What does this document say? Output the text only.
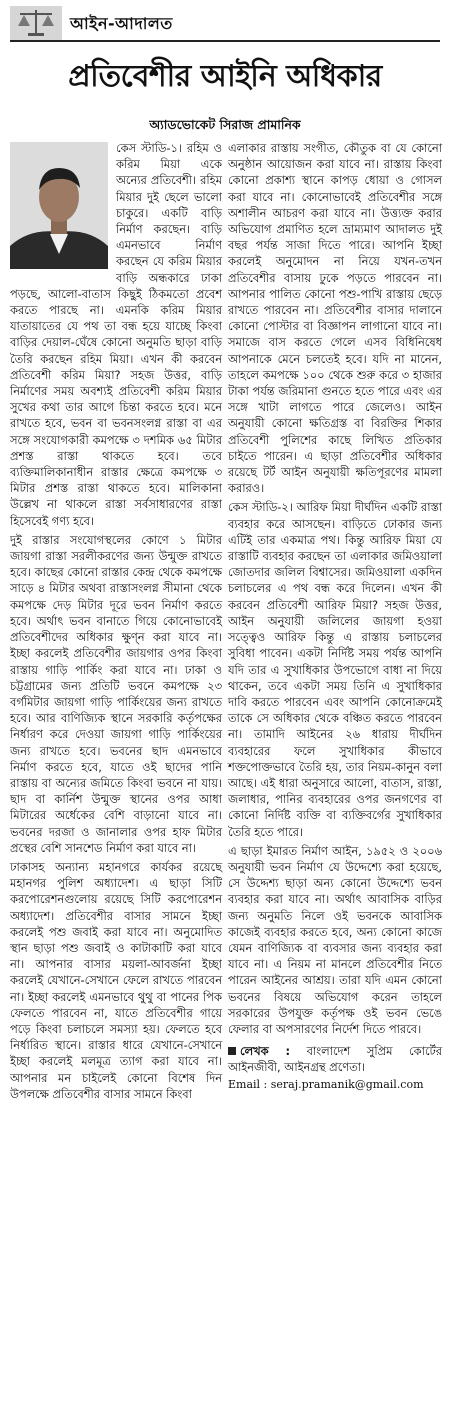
আইন-আদালত
প্রতিবেশীর আইনি অধিকার
অ্যাডভোকেট সিরাজ প্রামানিক

কেস স্টাডি-১। রহিম ও করিম মিয়া একে অন্যের প্রতিবেশী। রহিম মিয়ার দুই ছেলে ভালো চাকুরে। একটি বাড়ি নির্মাণ করছেন। বাড়ি এমনভাবে নির্মাণ করছেন যে করিম মিয়ার বাড়ি অন্ধকারে ঢাকা পড়ছে, আলো-বাতাস কিছুই ঠিকমতো প্রবেশ করতে পারছে না। এমনকি করিম মিয়ার যাতায়াতের যে পথ তা বন্ধ হয়ে যাচ্ছে কিংবা বাড়ির দেয়াল-ঘেঁষে কোনো অনুমতি ছাড়া বাড়ি তৈরি করছেন রহিম মিয়া। এখন কী করবেন প্রতিবেশী করিম মিয়া? সহজ উত্তর, বাড়ি নির্মাণের সময় অবশ্যই প্রতিবেশী করিম মিয়ার সুখের কথা তার আগে চিন্তা করতে হবে। মনে রাখতে হবে, ভবন বা ভবনসংলগ্ন রাস্তা বা এর সঙ্গে সংযোগকারী কমপক্ষে ৩ দশমিক ৬৫ মিটার প্রশস্ত রাস্তা থাকতে হবে। তবে ব্যক্তিমালিকানাধীন রাস্তার ক্ষেত্রে কমপক্ষে ৩ মিটার প্রশস্ত রাস্তা থাকতে হবে। মালিকানা উল্লেখ না থাকলে রাস্তা সর্বসাধারণের রাস্তা হিসেবেই গণ্য হবে।

দুই রাস্তার সংযোগস্থলের কোণে ১ মিটার জায়গা রাস্তা সরলীকরণের জন্য উন্মুক্ত রাখতে হবে। কাছের কোনো রাস্তার কেন্দ্র থেকে কমপক্ষে সাড়ে ৪ মিটার অথবা রাস্তাসংলগ্ন সীমানা থেকে কমপক্ষে দেড় মিটার দূরে ভবন নির্মাণ করতে হবে। অর্থাৎ ভবন বানাতে গিয়ে কোনোভাবেই প্রতিবেশীদের অধিকার ক্ষুণ্ন করা যাবে না। ইচ্ছা করলেই প্রতিবেশীর জায়গার ওপর কিংবা রাস্তায় গাড়ি পার্কিং করা যাবে না। ঢাকা ও চট্টগ্রামের জন্য প্রতিটি ভবনে কমপক্ষে ২৩ বর্গমিটার জায়গা গাড়ি পার্কিংয়ের জন্য রাখতে হবে। আর বাণিজ্যিক স্থানে সরকারি কর্তৃপক্ষের নির্ধারণ করে দেওয়া জায়গা গাড়ি পার্কিংয়ের জন্য রাখতে হবে। ভবনের ছাদ এমনভাবে নির্মাণ করতে হবে, যাতে ওই ছাদের পানি রাস্তায় বা অন্যের জমিতে কিংবা ভবনে না যায়। ছাদ বা কার্নিশ উন্মুক্ত স্থানের ওপর আধা মিটারের অর্ধেকের বেশি বাড়ানো যাবে না। ভবনের দরজা ও জানালার ওপর হাফ মিটার প্রস্থের বেশি সানশেড নির্মাণ করা যাবে না।

ঢাকাসহ অন্যান্য মহানগরে কার্যকর রয়েছে মহানগর পুলিশ অধ্যাদেশ। এ ছাড়া সিটি করপোরেশনগুলোয় রয়েছে সিটি করপোরেশন অধ্যাদেশ। প্রতিবেশীর বাসার সামনে ইচ্ছা করলেই পশু জবাই করা যাবে না। অনুমোদিত স্থান ছাড়া পশু জবাই ও কাটাকাটি করা যাবে না। আপনার বাসার ময়লা-আবর্জনা ইচ্ছা করলেই যেখানে-সেখানে ফেলে রাখতে পারবেন না। ইচ্ছা করলেই এমনভাবে থুথু বা পানের পিক ফেলতে পারবেন না, যাতে প্রতিবেশীর গায়ে পড়ে কিংবা চলাচলে সমস্যা হয়। ফেলতে হবে নির্ধারিত স্থানে। রাস্তার ধারে যেখানে-সেখানে ইচ্ছা করলেই মলমূত্র ত্যাগ করা যাবে না। আপনার মন চাইলেই কোনো বিশেষ দিন উপলক্ষে প্রতিবেশীর বাসার সামনে কিংবা

এলাকার রাস্তায় সংগীত, কৌতুক বা যে কোনো অনুষ্ঠান আয়োজন করা যাবে না। রাস্তায় কিংবা কোনো প্রকাশ্য স্থানে কাপড় ধোয়া ও গোসল করা যাবে না। কোনোভাবেই প্রতিবেশীর সঙ্গে অশালীন আচরণ করা যাবে না। উত্ত্যক্ত করার অভিযোগ প্রমাণিত হলে ভ্রাম্যমাণ আদালত দুই বছর পর্যন্ত সাজা দিতে পারে। আপনি ইচ্ছা করলেই অনুমোদন না নিয়ে যখন-তখন প্রতিবেশীর বাসায় ঢুকে পড়তে পারবেন না। আপনার পালিত কোনো পশু-পাখি রাস্তায় ছেড়ে রাখতে পারবেন না। প্রতিবেশীর বাসার দালানে কোনো পোস্টার বা বিজ্ঞাপন লাগানো যাবে না। সমাজে বাস করতে গেলে এসব বিধিনিষেধ আপনাকে মেনে চলতেই হবে। যদি না মানেন, তাহলে কমপক্ষে ১০০ থেকে শুরু করে ৩ হাজার টাকা পর্যন্ত জরিমানা গুনতে হতে পারে এবং এর সঙ্গে খাটা লাগতে পারে জেলেও। আইন অনুযায়ী কোনো ক্ষতিগ্রস্ত বা বিরক্তির শিকার প্রতিবেশী পুলিশের কাছে লিখিত প্রতিকার চাইতে পারেন। এ ছাড়া প্রতিবেশীর অধিকার রয়েছে টর্ট আইন অনুযায়ী ক্ষতিপূরণের মামলা করারও।

কেস স্টাডি-২। আরিফ মিয়া দীর্ঘদিন একটি রাস্তা ব্যবহার করে আসছেন। বাড়িতে ঢোকার জন্য এটিই তার একমাত্র পথ। কিন্তু আরিফ মিয়া যে রাস্তাটি ব্যবহার করছেন তা এলাকার জমিওয়ালা জোতদার জলিল বিশ্বাসের। জমিওয়ালা একদিন চলাচলের এ পথ বন্ধ করে দিলেন। এখন কী করবেন প্রতিবেশী আরিফ মিয়া? সহজ উত্তর, আইন অনুযায়ী জলিলের জায়গা হওয়া সত্ত্বেও আরিফ কিন্তু এ রাস্তায় চলাচলের সুবিধা পাবেন। একটা নির্দিষ্ট সময় পর্যন্ত আপনি যদি তার এ সুখাধিকার উপভোগে বাধা না দিয়ে থাকেন, তবে একটা সময় তিনি এ সুখাধিকার দাবি করতে পারবেন এবং আপনি কোনোক্রমেই তাকে সে অধিকার থেকে বঞ্চিত করতে পারবেন না। তামাদি আইনের ২৬ ধারায় দীর্ঘদিন ব্যবহারের ফলে সুখাধিকার কীভাবে শক্তপোক্তভাবে তৈরি হয়, তার নিয়ম-কানুন বলা আছে। এই ধারা অনুসারে আলো, বাতাস, রাস্তা, জলাধার, পানির ব্যবহারের ওপর জনগণের বা কোনো নির্দিষ্ট ব্যক্তি বা ব্যক্তিবর্গের সুখাধিকার তৈরি হতে পারে।

এ ছাড়া ইমারত নির্মাণ আইন, ১৯৫২ ও ২০০৬ অনুযায়ী ভবন নির্মাণ যে উদ্দেশ্যে করা হয়েছে, সে উদ্দেশ্য ছাড়া অন্য কোনো উদ্দেশ্যে ভবন ব্যবহার করা যাবে না। অর্থাৎ আবাসিক বাড়ির জন্য অনুমতি নিলে ওই ভবনকে আবাসিক কাজেই ব্যবহার করতে হবে, অন্য কোনো কাজে যেমন বাণিজ্যিক বা ব্যবসার জন্য ব্যবহার করা যাবে না। এ নিয়ম না মানলে প্রতিবেশীর নিতে পারেন আইনের আশ্রয়। তারা যদি এমন কোনো ভবনের বিষয়ে অভিযোগ করেন তাহলে সরকারের উপযুক্ত কর্তৃপক্ষ ওই ভবন ভেঙে ফেলার বা অপসারণের নির্দেশ দিতে পারবে।

লেখক : বাংলাদেশ সুপ্রিম কোর্টের আইনজীবী, আইনগ্রন্থ প্রণেতা।
Email : seraj.pramanik@gmail.com
